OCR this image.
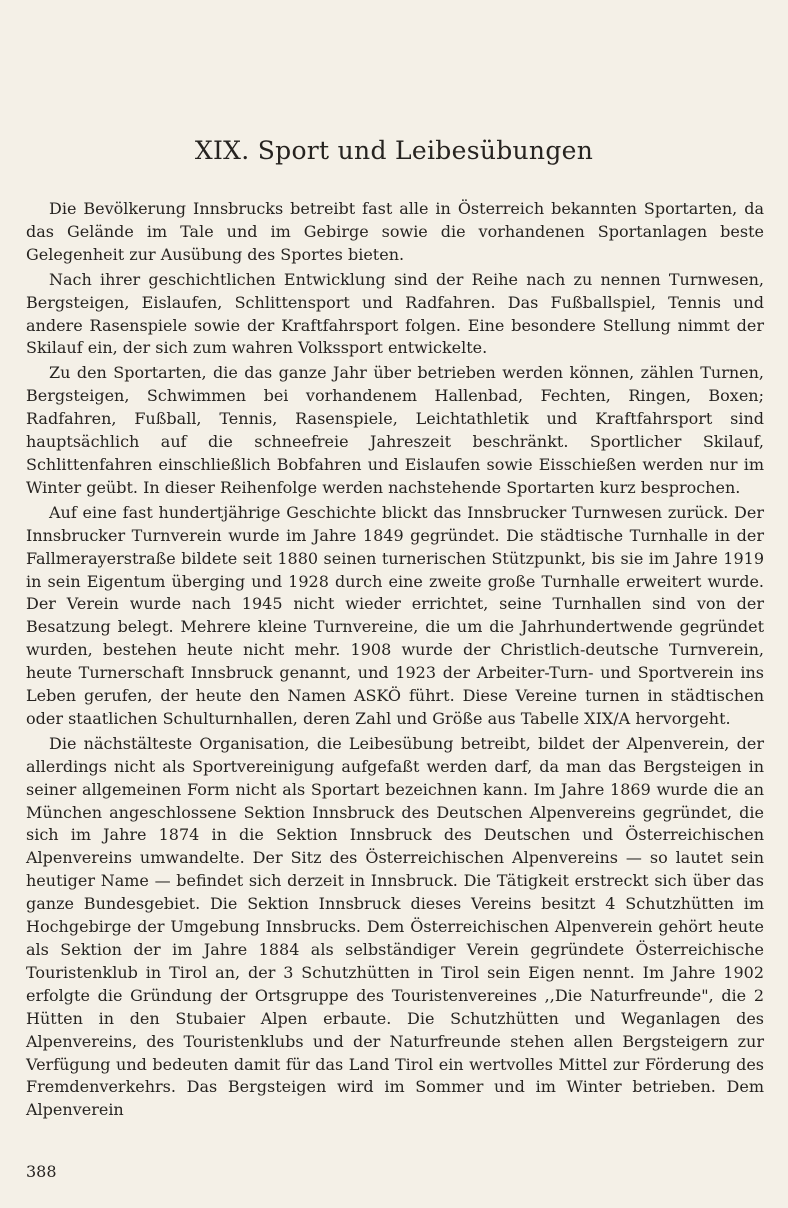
XIX. Sport und Leibesübungen

Die Bevölkerung Innsbrucks betreibt fast alle in Österreich bekannten Sportarten, da das Gelände im Tale und im Gebirge sowie die vorhandenen Sportanlagen beste Gelegenheit zur Ausübung des Sportes bieten.

Nach ihrer geschichtlichen Entwicklung sind der Reihe nach zu nennen Turnwesen, Bergsteigen, Eislaufen, Schlittensport und Radfahren. Das Fußballspiel, Tennis und andere Rasenspiele sowie der Kraftfahrsport folgen. Eine besondere Stellung nimmt der Skilauf ein, der sich zum wahren Volkssport entwickelte.

Zu den Sportarten, die das ganze Jahr über betrieben werden können, zählen Turnen, Bergsteigen, Schwimmen bei vorhandenem Hallenbad, Fechten, Ringen, Boxen; Radfahren, Fußball, Tennis, Rasenspiele, Leichtathletik und Kraftfahrsport sind hauptsächlich auf die schneefreie Jahreszeit beschränkt. Sportlicher Skilauf, Schlittenfahren einschließlich Bobfahren und Eislaufen sowie Eisschießen werden nur im Winter geübt. In dieser Reihenfolge werden nachstehende Sportarten kurz besprochen.

Auf eine fast hundertjährige Geschichte blickt das Innsbrucker Turnwesen zurück. Der Innsbrucker Turnverein wurde im Jahre 1849 gegründet. Die städtische Turnhalle in der Fallmerayerstraße bildete seit 1880 seinen turnerischen Stützpunkt, bis sie im Jahre 1919 in sein Eigentum überging und 1928 durch eine zweite große Turnhalle erweitert wurde. Der Verein wurde nach 1945 nicht wieder errichtet, seine Turnhallen sind von der Besatzung belegt. Mehrere kleine Turnvereine, die um die Jahrhundertwende gegründet wurden, bestehen heute nicht mehr. 1908 wurde der Christlich-deutsche Turnverein, heute Turnerschaft Innsbruck genannt, und 1923 der Arbeiter-Turn- und Sportverein ins Leben gerufen, der heute den Namen ASKÖ führt. Diese Vereine turnen in städtischen oder staatlichen Schulturnhallen, deren Zahl und Größe aus Tabelle XIX/A hervorgeht.

Die nächstälteste Organisation, die Leibesübung betreibt, bildet der Alpenverein, der allerdings nicht als Sportvereinigung aufgefaßt werden darf, da man das Bergsteigen in seiner allgemeinen Form nicht als Sportart bezeichnen kann. Im Jahre 1869 wurde die an München angeschlossene Sektion Innsbruck des Deutschen Alpenvereins gegründet, die sich im Jahre 1874 in die Sektion Innsbruck des Deutschen und Österreichischen Alpenvereins umwandelte. Der Sitz des Österreichischen Alpenvereins — so lautet sein heutiger Name — befindet sich derzeit in Innsbruck. Die Tätigkeit erstreckt sich über das ganze Bundesgebiet. Die Sektion Innsbruck dieses Vereins besitzt 4 Schutzhütten im Hochgebirge der Umgebung Innsbrucks. Dem Österreichischen Alpenverein gehört heute als Sektion der im Jahre 1884 als selbständiger Verein gegründete Österreichische Touristenklub in Tirol an, der 3 Schutzhütten in Tirol sein Eigen nennt. Im Jahre 1902 erfolgte die Gründung der Ortsgruppe des Touristenvereines ,,Die Naturfreunde", die 2 Hütten in den Stubaier Alpen erbaute. Die Schutzhütten und Weganlagen des Alpenvereins, des Touristenklubs und der Naturfreunde stehen allen Bergsteigern zur Verfügung und bedeuten damit für das Land Tirol ein wertvolles Mittel zur Förderung des Fremdenverkehrs. Das Bergsteigen wird im Sommer und im Winter betrieben. Dem Alpenverein

388
